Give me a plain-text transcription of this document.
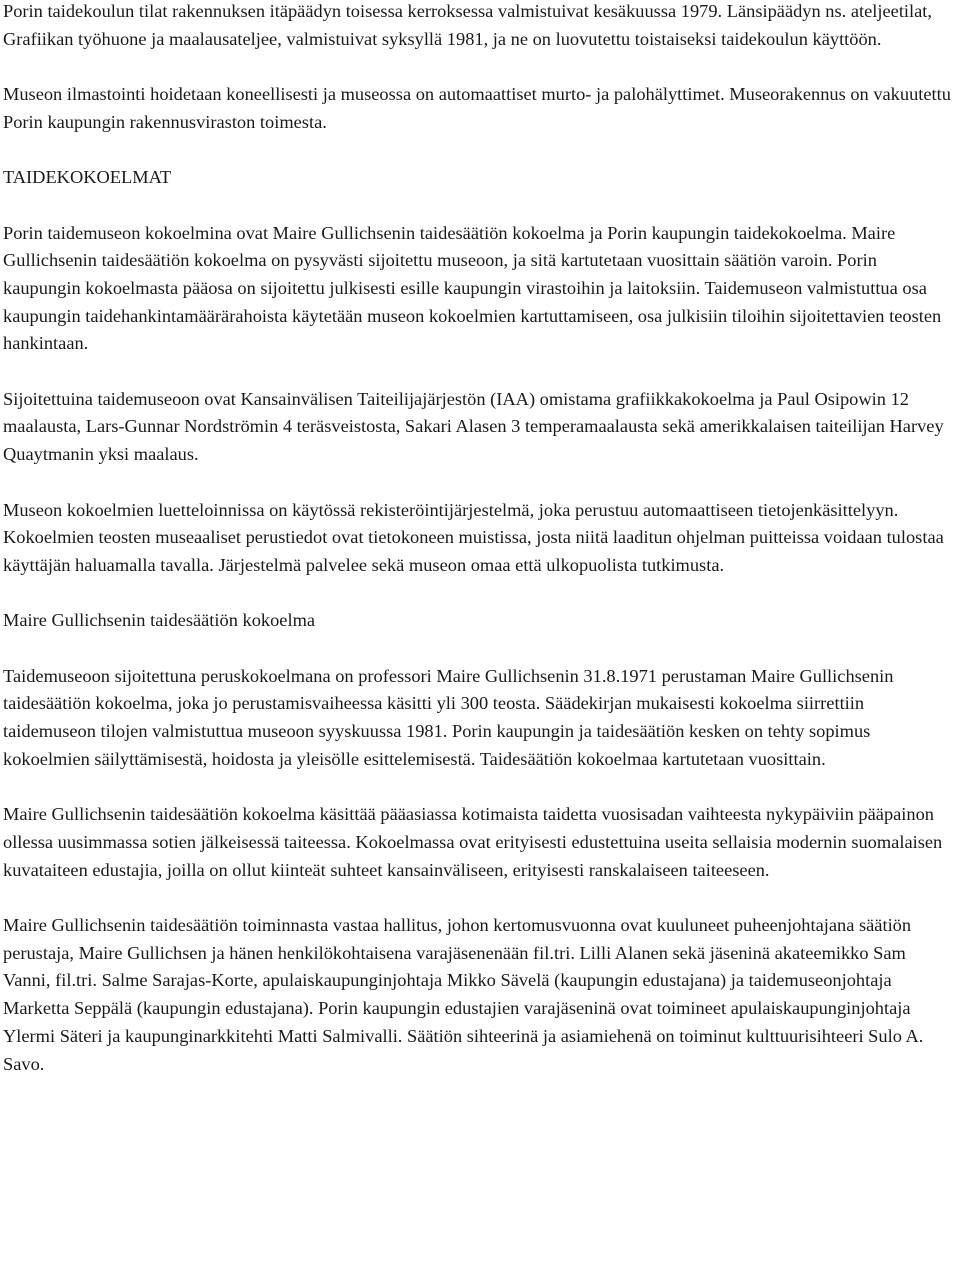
Porin taidekoulun tilat rakennuksen itäpäädyn toisessa kerroksessa valmistuivat kesäkuussa 1979. Länsipäädyn ns. ateljeetilat, Grafiikan työhuone ja maalausateljee, valmistuivat syksyllä 1981, ja ne on luovutettu toistaiseksi taidekoulun käyttöön.

Museon ilmastointi hoidetaan koneellisesti ja museossa on automaattiset murto- ja palohälyttimet. Museorakennus on vakuutettu Porin kaupungin rakennusviraston toimesta.

TAIDEKOKOELMAT

Porin taidemuseon kokoelmina ovat Maire Gullichsenin taidesäätiön kokoelma ja Porin kaupungin taidekokoelma. Maire Gullichsenin taidesäätiön kokoelma on pysyvästi sijoitettu museoon, ja sitä kartutetaan vuosittain säätiön varoin. Porin kaupungin kokoelmasta pääosa on sijoitettu julkisesti esille kaupungin virastoihin ja laitoksiin. Taidemuseon valmistuttua osa kaupungin taidehankintamäärärahoista käytetään museon kokoelmien kartuttamiseen, osa julkisiin tiloihin sijoitettavien teosten hankintaan.

Sijoitettuina taidemuseoon ovat Kansainvälisen Taiteilijajärjestön (IAA) omistama grafiikkakokoelma ja Paul Osipowin 12 maalausta, Lars-Gunnar Nordströmin 4 teräsveistosta, Sakari Alasen 3 temperamaalausta sekä amerikkalaisen taiteilijan Harvey Quaytmanin yksi maalaus.

Museon kokoelmien luetteloinnissa on käytössä rekisteröintijärjestelmä, joka perustuu automaattiseen tietojenkäsittelyyn. Kokoelmien teosten museaaliset perustiedot ovat tietokoneen muistissa, josta niitä laaditun ohjelman puitteissa voidaan tulostaa käyttäjän haluamalla tavalla. Järjestelmä palvelee sekä museon omaa että ulkopuolista tutkimusta.

Maire Gullichsenin taidesäätiön kokoelma

Taidemuseoon sijoitettuna peruskokoelmana on professori Maire Gullichsenin 31.8.1971 perustaman Maire Gullichsenin taidesäätiön kokoelma, joka jo perustamisvaiheessa käsitti yli 300 teosta. Säädekirjan mukaisesti kokoelma siirrettiin taidemuseon tilojen valmistuttua museoon syyskuussa 1981. Porin kaupungin ja taidesäätiön kesken on tehty sopimus kokoelmien säilyttämisestä, hoidosta ja yleisölle esittelemisestä. Taidesäätiön kokoelmaa kartutetaan vuosittain.

Maire Gullichsenin taidesäätiön kokoelma käsittää pääasiassa kotimaista taidetta vuosisadan vaihteesta nykypäiviin pääpainon ollessa uusimmassa sotien jälkeisessä taiteessa. Kokoelmassa ovat erityisesti edustettuina useita sellaisia modernin suomalaisen kuvataiteen edustajia, joilla on ollut kiinteät suhteet kansainväliseen, erityisesti ranskalaiseen taiteeseen.

Maire Gullichsenin taidesäätiön toiminnasta vastaa hallitus, johon kertomusvuonna ovat kuuluneet puheenjohtajana säätiön perustaja, Maire Gullichsen ja hänen henkilökohtaisena varajäsenenään fil.tri. Lilli Alanen sekä jäseninä akateemikko Sam Vanni, fil.tri. Salme Sarajas-Korte, apulaiskaupunginjohtaja Mikko Sävelä (kaupungin edustajana) ja taidemuseonjohtaja Marketta Seppälä (kaupungin edustajana). Porin kaupungin edustajien varajäseninä ovat toimineet apulaiskaupunginjohtaja Ylermi Säteri ja kaupunginarkkitehti Matti Salmivalli. Säätiön sihteerinä ja asiamiehenä on toiminut kulttuurisihteeri Sulo A. Savo.
